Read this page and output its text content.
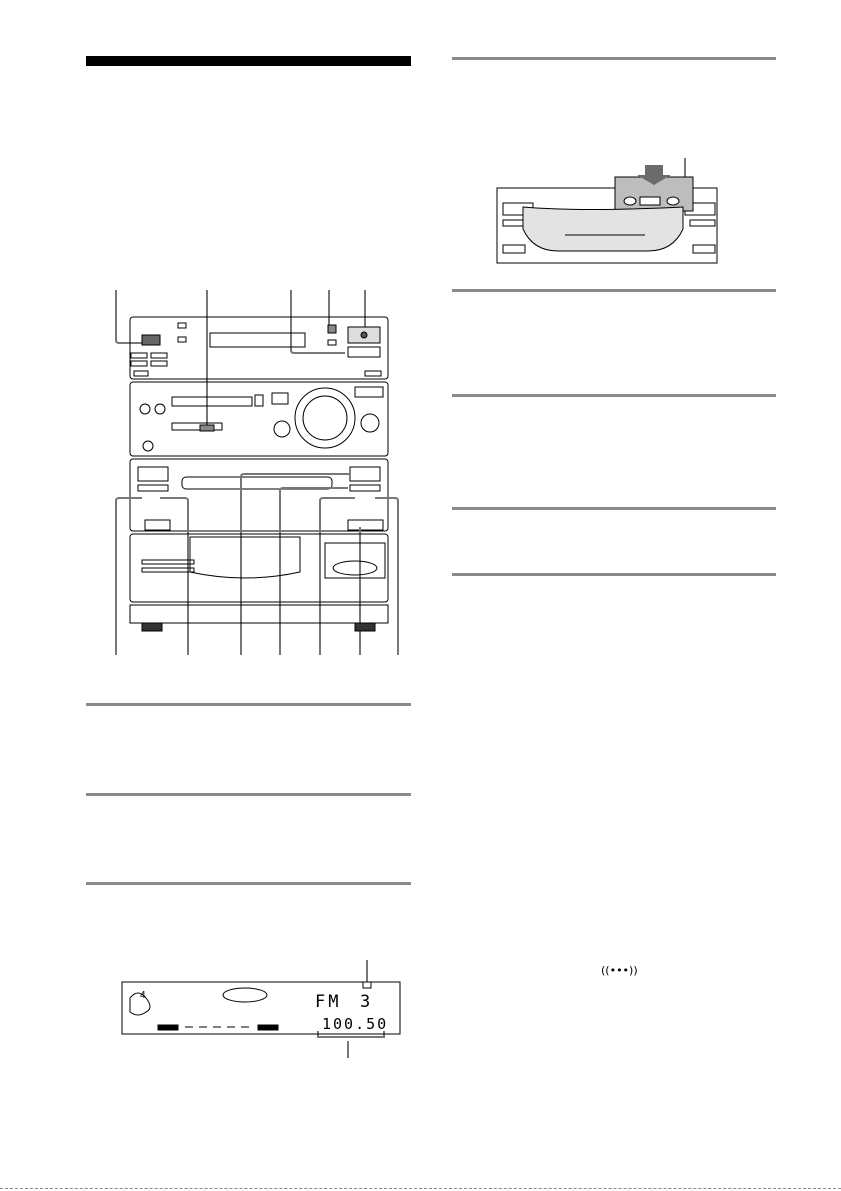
4	FM 3
100.50
((•••))
